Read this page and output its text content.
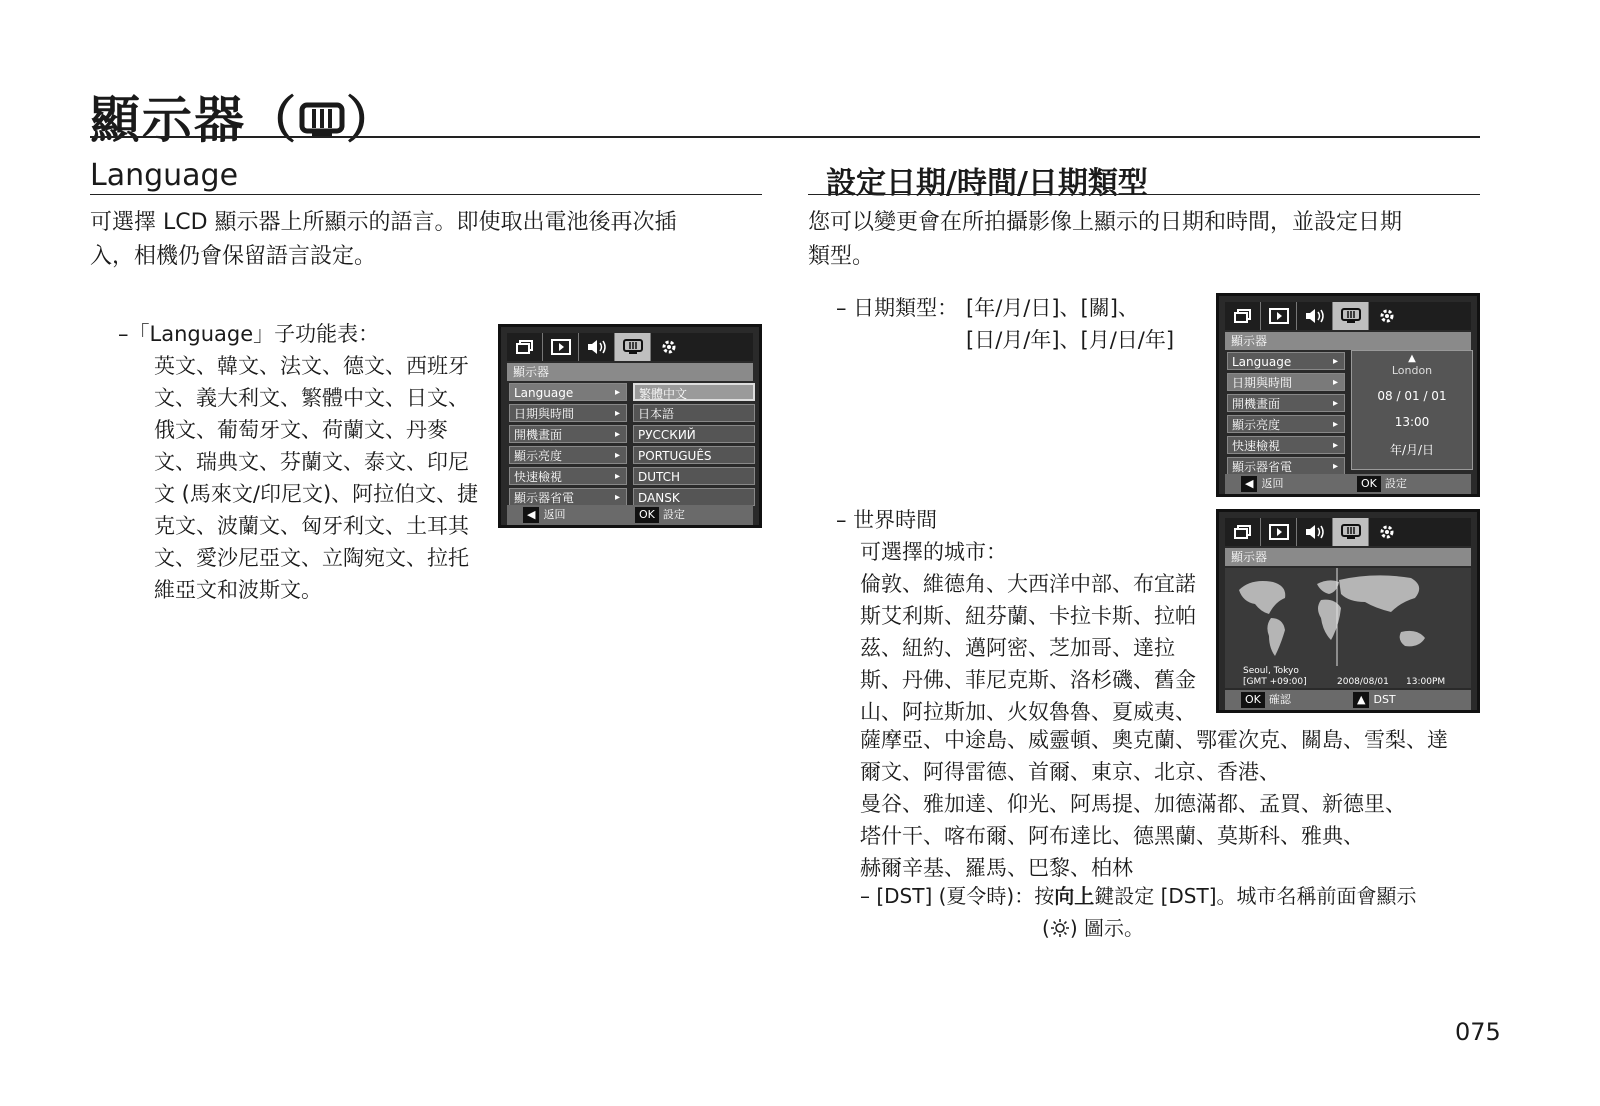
顯示器（ ）
Language
可選擇 LCD 顯示器上所顯示的語言。即使取出電池後再次插
入，相機仍會保留語言設定。
–「Language」子功能表：
英文、韓文、法文、德文、西班牙
文、義大利文、繁體中文、日文、
俄文、葡萄牙文、荷蘭文、丹麥
文、瑞典文、芬蘭文、泰文、印尼
文 (馬來文/印尼文)、阿拉伯文、捷
克文、波蘭文、匈牙利文、土耳其
文、愛沙尼亞文、立陶宛文、拉托
維亞文和波斯文。
顯示器
Language ▸
日期與時間 ▸
開機畫面 ▸
顯示亮度 ▸
快速檢視 ▸
顯示器省電 ▸
繁體中文
日本語
РУССКИЙ
PORTUGUÊS
DUTCH
DANSK
◀ 返回	OK 設定
設定日期/時間/日期類型
您可以變更會在所拍攝影像上顯示的日期和時間，並設定日期
類型。
– 日期類型： [年/月/日]、[關]、
[日/月/年]、[月/日/年]	顯示器
Language ▸
日期與時間 ▸
開機畫面 ▸
顯示亮度 ▸
快速檢視 ▸
顯示器省電 ▸
▲
London
08 / 01 / 01
13:00
年/月/日
◀ 返回	OK 設定
– 世界時間
可選擇的城市：
倫敦、維德角、大西洋中部、布宜諾
斯艾利斯、紐芬蘭、卡拉卡斯、拉帕
茲、紐約、邁阿密、芝加哥、達拉
斯、丹佛、菲尼克斯、洛杉磯、舊金
山、阿拉斯加、火奴魯魯、夏威夷、
薩摩亞、中途島、威靈頓、奧克蘭、鄂霍次克、關島、雪梨、達
爾文、阿得雷德、首爾、東京、北京、香港、
曼谷、雅加達、仰光、阿馬提、加德滿都、孟買、新德里、
塔什干、喀布爾、阿布達比、德黑蘭、莫斯科、雅典、
赫爾辛基、羅馬、巴黎、柏林
– [DST] (夏令時)：按向上鍵設定 [DST]。城市名稱前面會顯示
( ) 圖示。
顯示器
Seoul, Tokyo
[GMT +09:00]	2008/08/01      13:00PM
OK 確認	▲ DST
075
